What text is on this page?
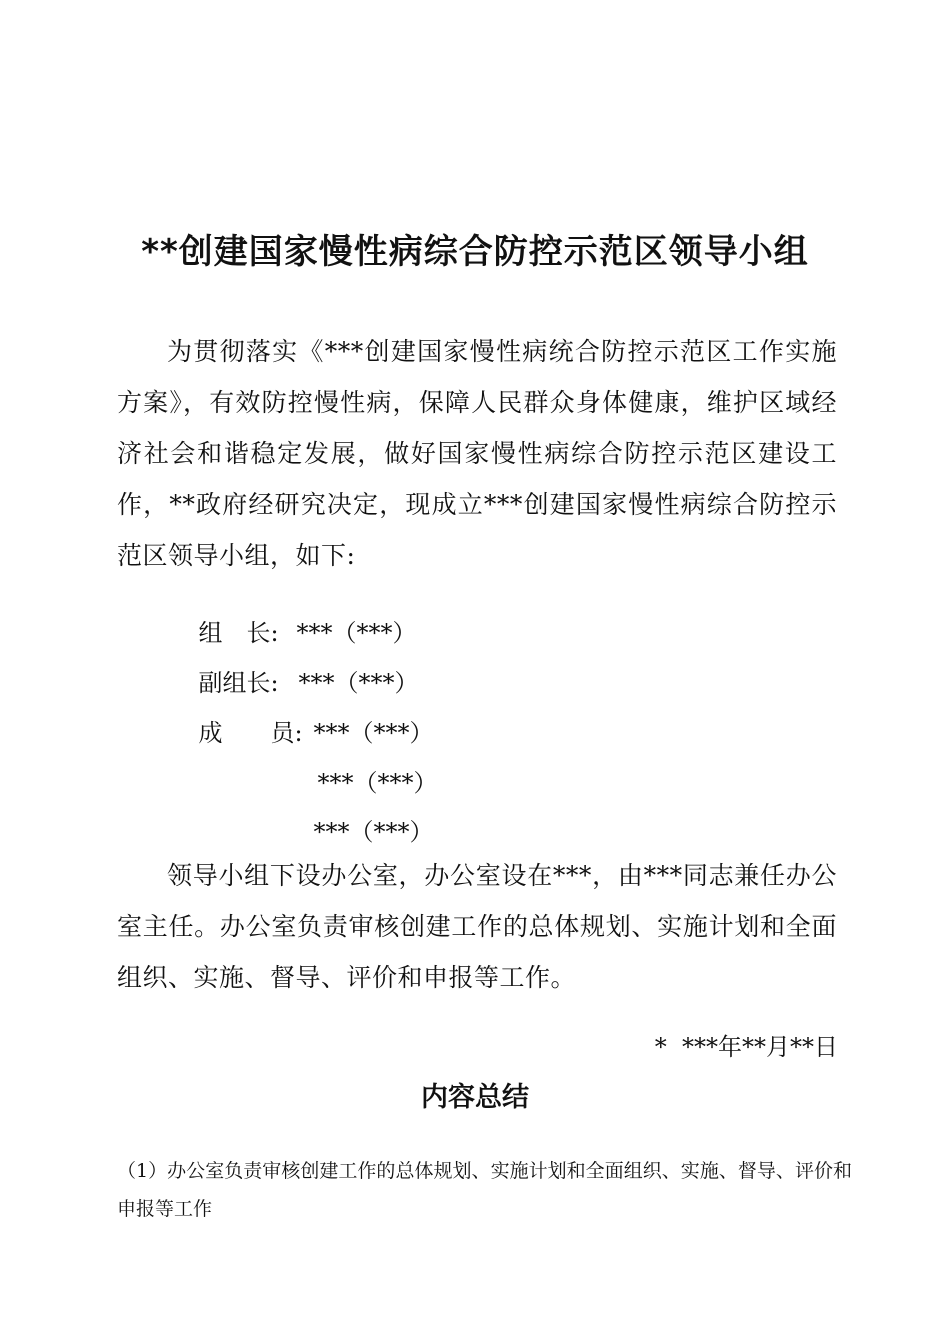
**创建国家慢性病综合防控示范区领导小组
为贯彻落实《***创建国家慢性病统合防控示范区工作实施方案》，有效防控慢性病，保障人民群众身体健康，维护区域经济社会和谐稳定发展，做好国家慢性病综合防控示范区建设工作，**政府经研究决定，现成立***创建国家慢性病综合防控示范区领导小组，如下:

组　长: ***（***）

副组长: ***（***）

成　　员: ***（***）

***（***）

***（***）

领导小组下设办公室，办公室设在***，由***同志兼任办公室主任。办公室负责审核创建工作的总体规划、实施计划和全面组织、实施、督导、评价和申报等工作。
*  ***年**月**日
内容总结
（1）办公室负责审核创建工作的总体规划、实施计划和全面组织、实施、督导、评价和申报等工作
